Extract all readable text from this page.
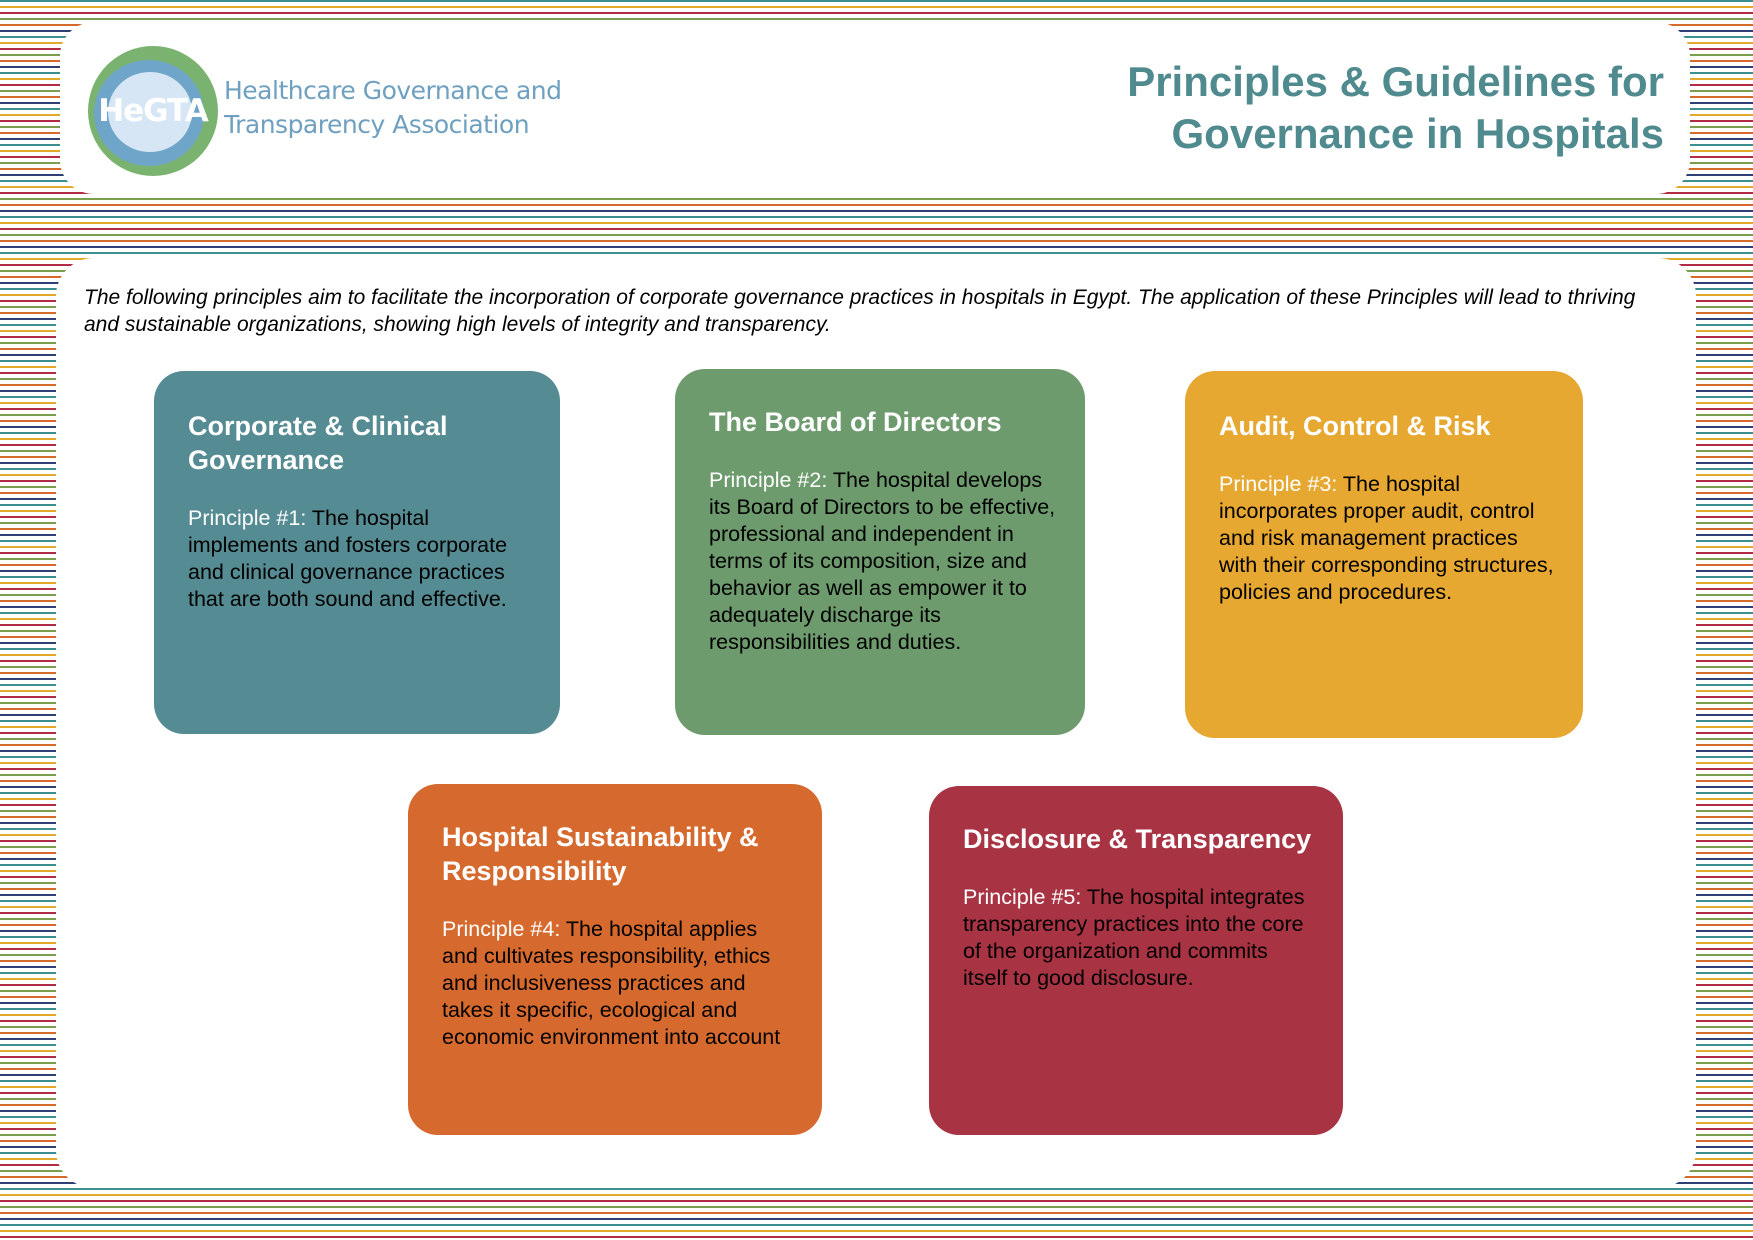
HeGTA
Healthcare Governance and
Transparency Association
Principles & Guidelines for
Governance in Hospitals
The following principles aim to facilitate the incorporation of corporate governance practices in hospitals in Egypt. The application of these Principles will lead to thriving and sustainable organizations, showing high levels of integrity and transparency.
Corporate & Clinical Governance
Principle #1: The hospital implements and fosters corporate and clinical governance practices that are both sound and effective.
The Board of Directors
Principle #2: The hospital develops its Board of Directors to be effective, professional and independent in terms of its composition, size and behavior as well as empower it to adequately discharge its responsibilities and duties.
Audit, Control & Risk
Principle #3: The hospital incorporates proper audit, control and risk management practices with their corresponding structures, policies and procedures.
Hospital Sustainability & Responsibility
Principle #4: The hospital applies and cultivates responsibility, ethics and inclusiveness practices and takes it specific, ecological and economic environment into account
Disclosure & Transparency
Principle #5: The hospital integrates transparency practices into the core of the organization and commits itself to good disclosure.
